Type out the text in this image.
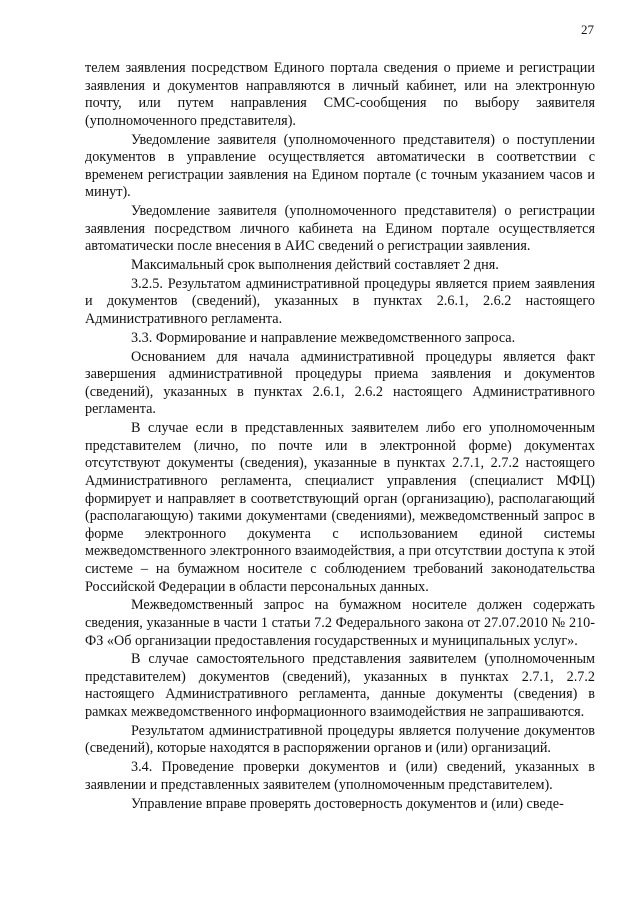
27

телем заявления посредством Единого портала сведения о приеме и регистрации заявления и документов направляются в личный кабинет, или на электронную почту, или путем направления СМС-сообщения по выбору заявителя (уполномоченного представителя).

Уведомление заявителя (уполномоченного представителя) о поступлении документов в управление осуществляется автоматически в соответствии с временем регистрации заявления на Едином портале (с точным указанием часов и минут).

Уведомление заявителя (уполномоченного представителя) о регистрации заявления посредством личного кабинета на Едином портале осуществляется автоматически после внесения в АИС сведений о регистрации заявления.

Максимальный срок выполнения действий составляет 2 дня.

3.2.5. Результатом административной процедуры является прием заявления и документов (сведений), указанных в пунктах 2.6.1, 2.6.2 настоящего Административного регламента.

3.3. Формирование и направление межведомственного запроса.

Основанием для начала административной процедуры является факт завершения административной процедуры приема заявления и документов (сведений), указанных в пунктах 2.6.1, 2.6.2 настоящего Административного регламента.

В случае если в представленных заявителем либо его уполномоченным представителем (лично, по почте или в электронной форме) документах отсутствуют документы (сведения), указанные в пунктах 2.7.1, 2.7.2 настоящего Административного регламента, специалист управления (специалист МФЦ) формирует и направляет в соответствующий орган (организацию), располагающий (располагающую) такими документами (сведениями), межведомственный запрос в форме электронного документа с использованием единой системы межведомственного электронного взаимодействия, а при отсутствии доступа к этой системе – на бумажном носителе с соблюдением требований законодательства Российской Федерации в области персональных данных.

Межведомственный запрос на бумажном носителе должен содержать сведения, указанные в части 1 статьи 7.2 Федерального закона от 27.07.2010 № 210-ФЗ «Об организации предоставления государственных и муниципальных услуг».

В случае самостоятельного представления заявителем (уполномоченным представителем) документов (сведений), указанных в пунктах 2.7.1, 2.7.2 настоящего Административного регламента, данные документы (сведения) в рамках межведомственного информационного взаимодействия не запрашиваются.

Результатом административной процедуры является получение документов (сведений), которые находятся в распоряжении органов и (или) организаций.

3.4. Проведение проверки документов и (или) сведений, указанных в заявлении и представленных заявителем (уполномоченным представителем).

Управление вправе проверять достоверность документов и (или) сведе-
